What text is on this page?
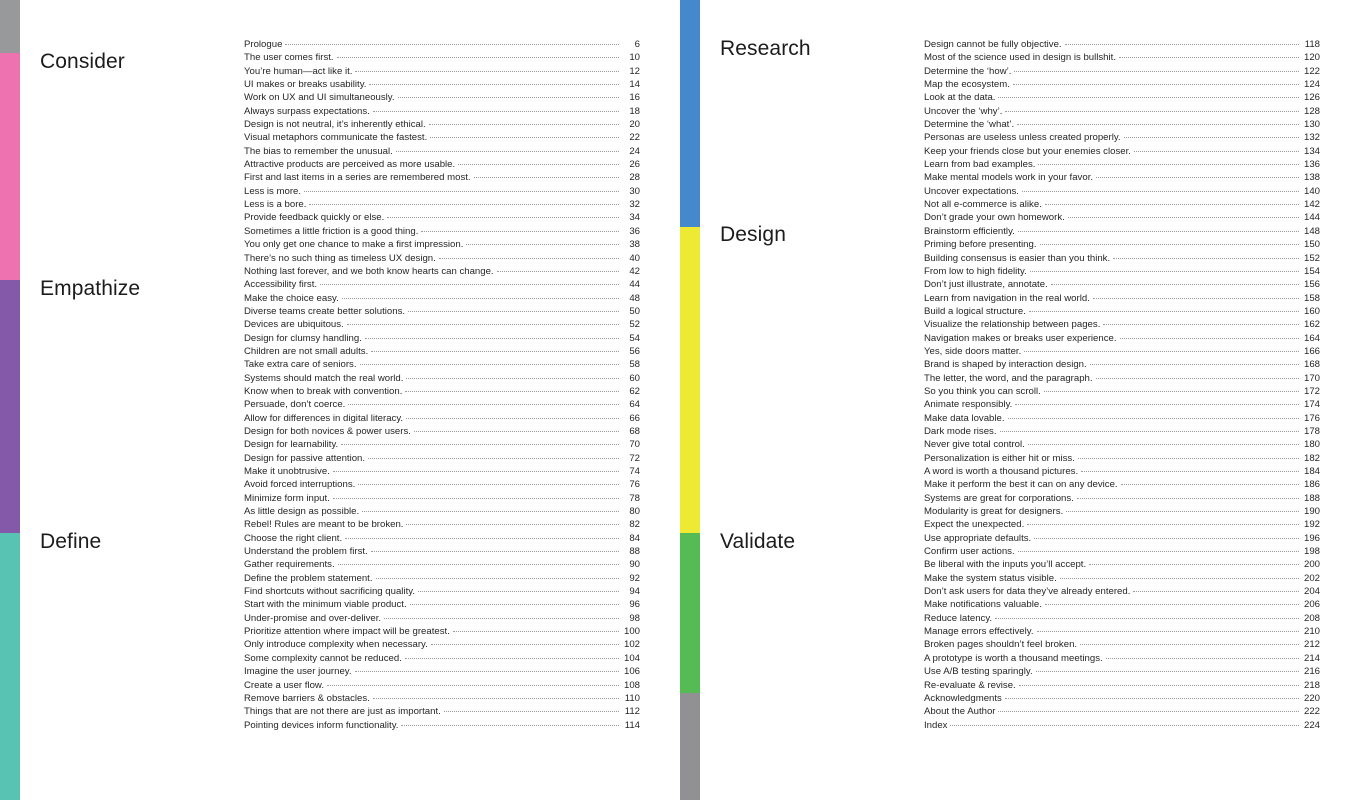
Consider
Empathize
Define
Prologue	6
The user comes first.	10
You’re human—act like it.	12
UI makes or breaks usability.	14
Work on UX and UI simultaneously.	16
Always surpass expectations.	18
Design is not neutral, it’s inherently ethical.	20
Visual metaphors communicate the fastest.	22
The bias to remember the unusual.	24
Attractive products are perceived as more usable.	26
First and last items in a series are remembered most.	28
Less is more.	30
Less is a bore.	32
Provide feedback quickly or else.	34
Sometimes a little friction is a good thing.	36
You only get one chance to make a first impression.	38
There’s no such thing as timeless UX design.	40
Nothing last forever, and we both know hearts can change.	42
Accessibility first.	44
Make the choice easy.	48
Diverse teams create better solutions.	50
Devices are ubiquitous.	52
Design for clumsy handling.	54
Children are not small adults.	56
Take extra care of seniors.	58
Systems should match the real world.	60
Know when to break with convention.	62
Persuade, don’t coerce.	64
Allow for differences in digital literacy.	66
Design for both novices & power users.	68
Design for learnability.	70
Design for passive attention.	72
Make it unobtrusive.	74
Avoid forced interruptions.	76
Minimize form input.	78
As little design as possible.	80
Rebel! Rules are meant to be broken.	82
Choose the right client.	84
Understand the problem first.	88
Gather requirements.	90
Define the problem statement.	92
Find shortcuts without sacrificing quality.	94
Start with the minimum viable product.	96
Under-promise and over-deliver.	98
Prioritize attention where impact will be greatest.	100
Only introduce complexity when necessary.	102
Some complexity cannot be reduced.	104
Imagine the user journey.	106
Create a user flow.	108
Remove barriers & obstacles.	110
Things that are not there are just as important.	112
Pointing devices inform functionality.	114
Research
Design
Validate
Design cannot be fully objective.	118
Most of the science used in design is bullshit.	120
Determine the ‘how’.	122
Map the ecosystem.	124
Look at the data.	126
Uncover the ‘why’.	128
Determine the ‘what’.	130
Personas are useless unless created properly.	132
Keep your friends close but your enemies closer.	134
Learn from bad examples.	136
Make mental models work in your favor.	138
Uncover expectations.	140
Not all e-commerce is alike.	142
Don’t grade your own homework.	144
Brainstorm efficiently.	148
Priming before presenting.	150
Building consensus is easier than you think.	152
From low to high fidelity.	154
Don’t just illustrate, annotate.	156
Learn from navigation in the real world.	158
Build a logical structure.	160
Visualize the relationship between pages.	162
Navigation makes or breaks user experience.	164
Yes, side doors matter.	166
Brand is shaped by interaction design.	168
The letter, the word, and the paragraph.	170
So you think you can scroll.	172
Animate responsibly.	174
Make data lovable.	176
Dark mode rises.	178
Never give total control.	180
Personalization is either hit or miss.	182
A word is worth a thousand pictures.	184
Make it perform the best it can on any device.	186
Systems are great for corporations.	188
Modularity is great for designers.	190
Expect the unexpected.	192
Use appropriate defaults.	196
Confirm user actions.	198
Be liberal with the inputs you’ll accept.	200
Make the system status visible.	202
Don’t ask users for data they’ve already entered.	204
Make notifications valuable.	206
Reduce latency.	208
Manage errors effectively.	210
Broken pages shouldn’t feel broken.	212
A prototype is worth a thousand meetings.	214
Use A/B testing sparingly.	216
Re-evaluate & revise.	218
Acknowledgments	220
About the Author	222
Index	224
